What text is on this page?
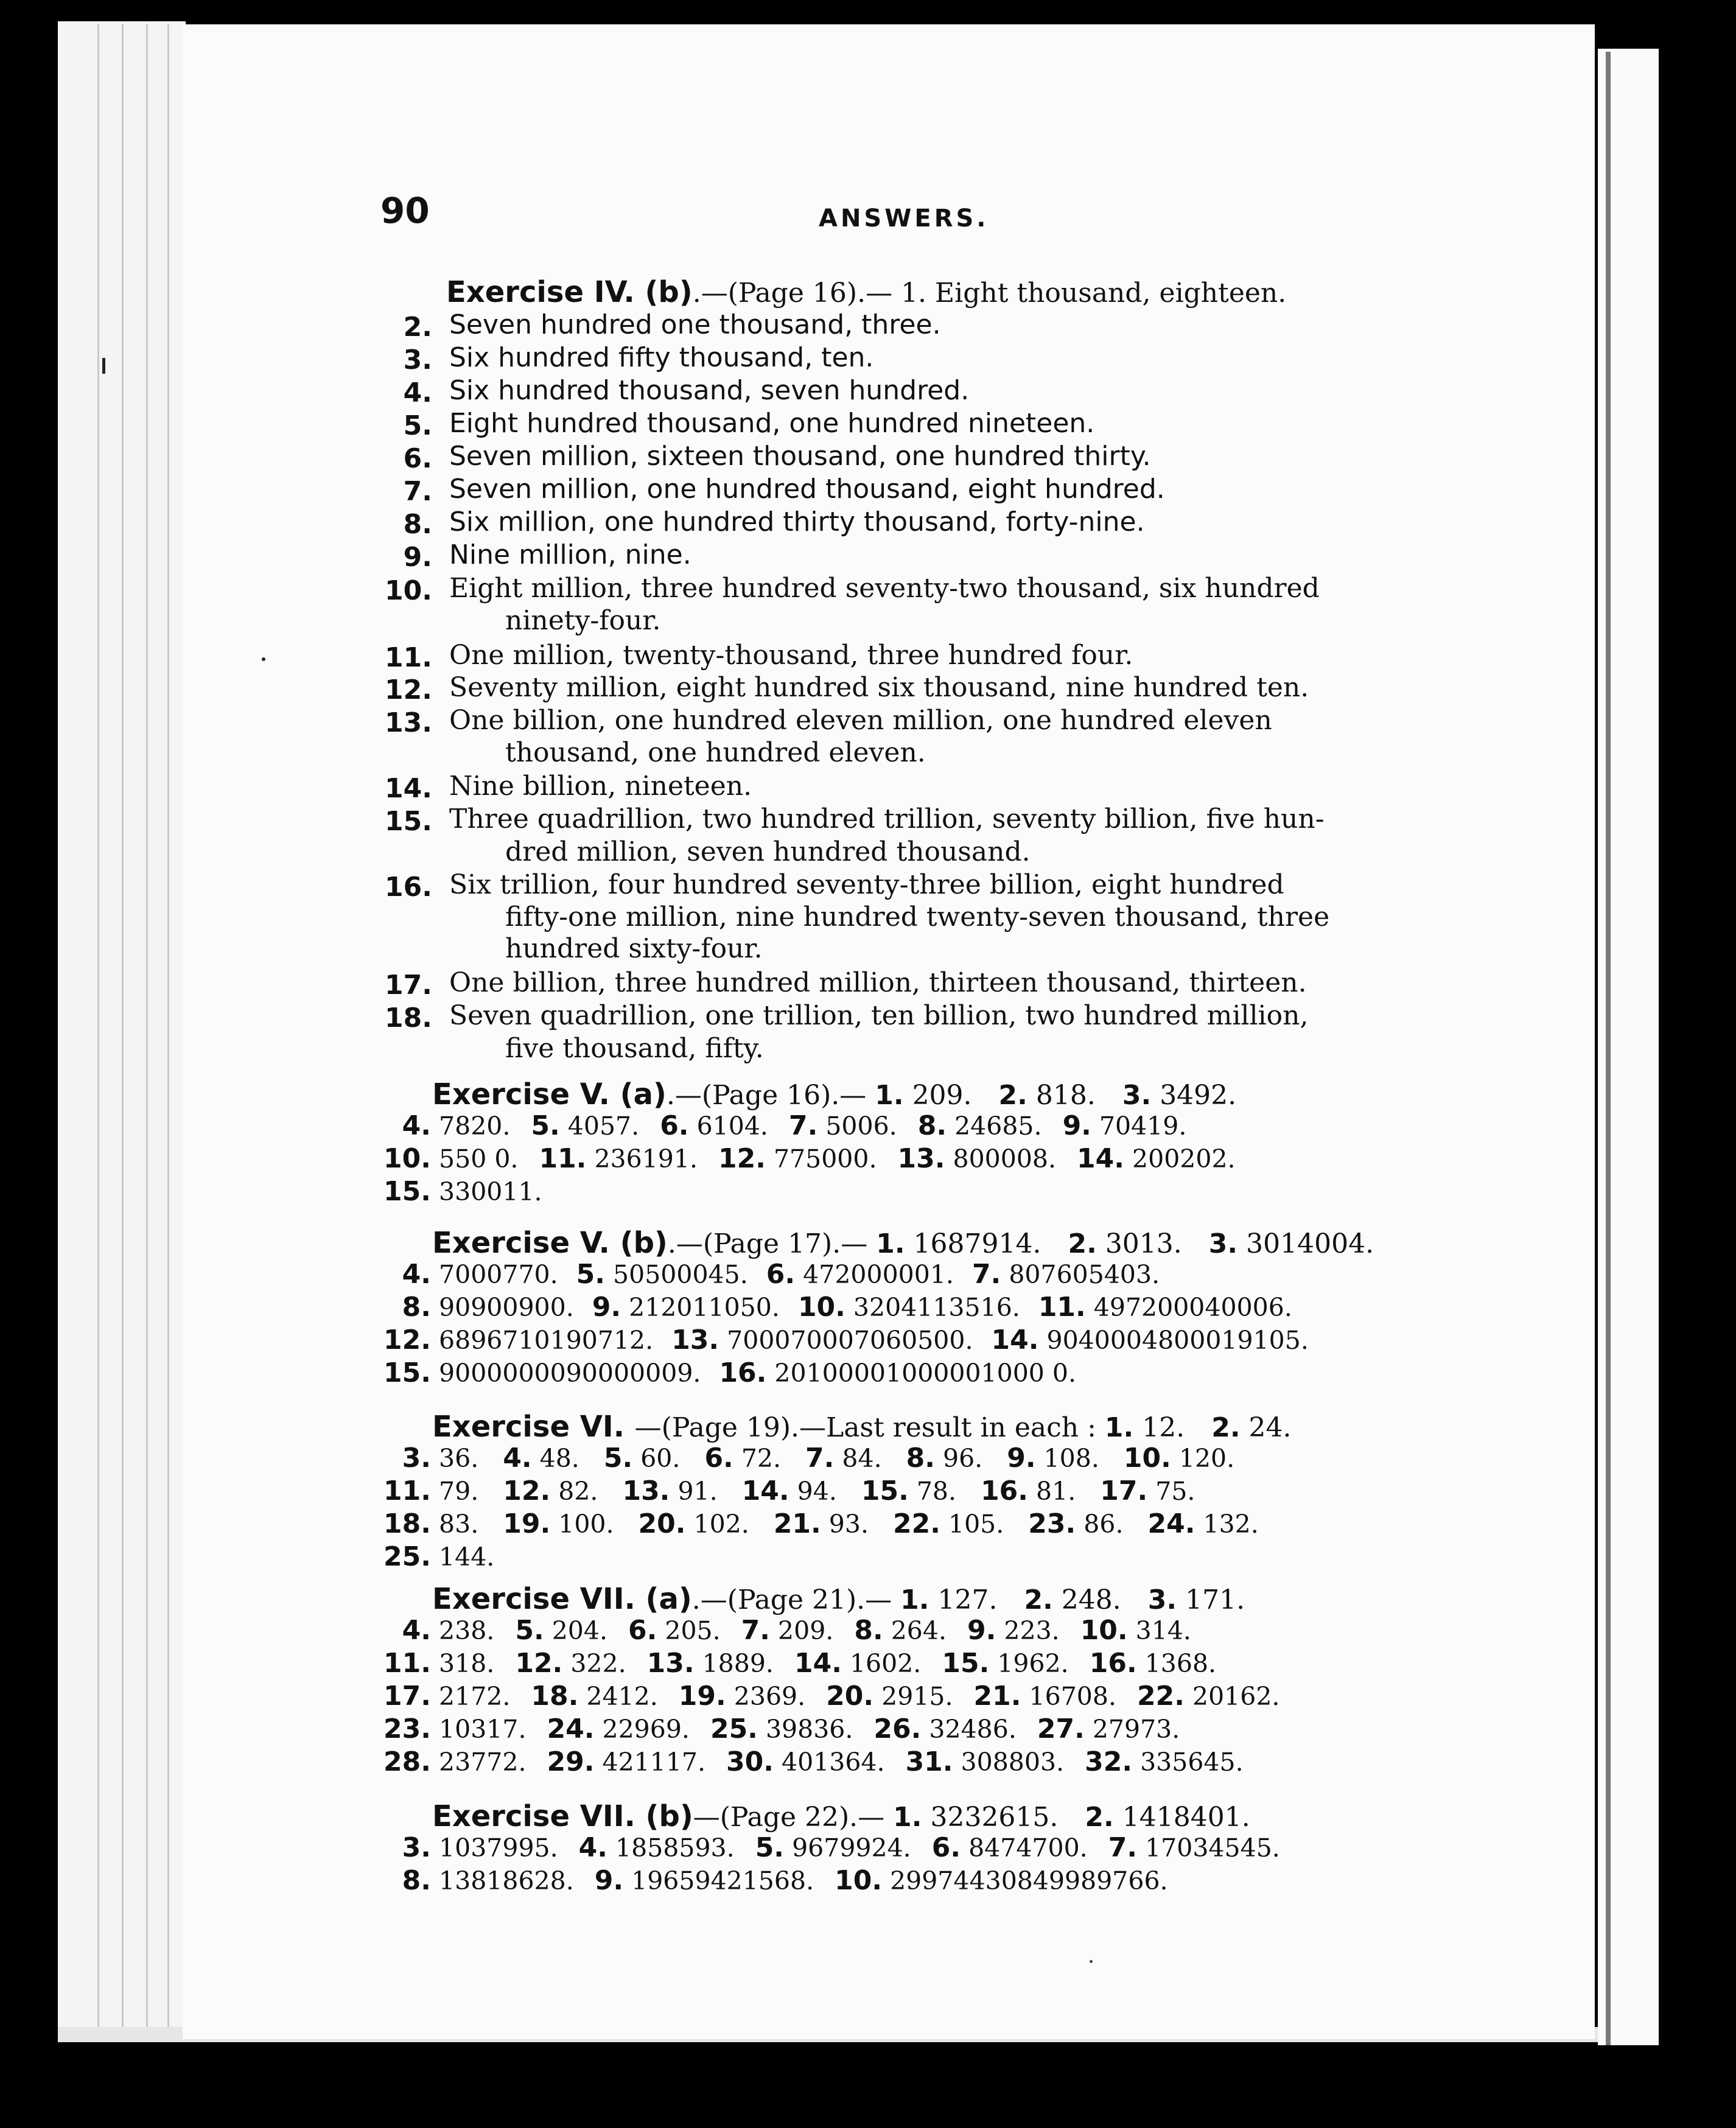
90	ANSWERS.
Exercise IV. (b).—(Page 16).— 1. Eight thousand, eighteen.
2. Seven hundred one thousand, three.
3. Six hundred fifty thousand, ten.
4. Six hundred thousand, seven hundred.
5. Eight hundred thousand, one hundred nineteen.
6. Seven million, sixteen thousand, one hundred thirty.
7. Seven million, one hundred thousand, eight hundred.
8. Six million, one hundred thirty thousand, forty-nine.
9. Nine million, nine.
10. Eight million, three hundred seventy-two thousand, six hundred
ninety-four.
11. One million, twenty-thousand, three hundred four.
12. Seventy million, eight hundred six thousand, nine hundred ten.
13. One billion, one hundred eleven million, one hundred eleven
thousand, one hundred eleven.
14. Nine billion, nineteen.
15. Three quadrillion, two hundred trillion, seventy billion, five hun-
dred million, seven hundred thousand.
16. Six trillion, four hundred seventy-three billion, eight hundred
fifty-one million, nine hundred twenty-seven thousand, three
hundred sixty-four.
17. One billion, three hundred million, thirteen thousand, thirteen.
18. Seven quadrillion, one trillion, ten billion, two hundred million,
five thousand, fifty.
Exercise V. (a).—(Page 16).— 1. 209.  2. 818.  3. 3492.
4. 7820. 5. 4057. 6. 6104. 7. 5006. 8. 24685. 9. 70419.
10. 550 0. 11. 236191. 12. 775000. 13. 800008. 14. 200202.
15. 330011.
Exercise V. (b).—(Page 17).— 1. 1687914.  2. 3013.  3. 3014004.
4. 7000770. 5. 50500045. 6. 472000001. 7. 807605403.
8. 90900900. 9. 212011050. 10. 3204113516. 11. 497200040006.
12. 6896710190712. 13. 700070007060500. 14. 9040004800019105.
15. 9000000090000009. 16. 20100001000001000 0.
Exercise VI. —(Page 19).—Last result in each : 1. 12.  2. 24.
3. 36. 4. 48. 5. 60. 6. 72. 7. 84. 8. 96. 9. 108. 10. 120.
11. 79. 12. 82. 13. 91. 14. 94. 15. 78. 16. 81. 17. 75.
18. 83. 19. 100. 20. 102. 21. 93. 22. 105. 23. 86. 24. 132.
25. 144.
Exercise VII. (a).—(Page 21).— 1. 127.  2. 248.  3. 171.
4. 238. 5. 204. 6. 205. 7. 209. 8. 264. 9. 223. 10. 314.
11. 318. 12. 322. 13. 1889. 14. 1602. 15. 1962. 16. 1368.
17. 2172. 18. 2412. 19. 2369. 20. 2915. 21. 16708. 22. 20162.
23. 10317. 24. 22969. 25. 39836. 26. 32486. 27. 27973.
28. 23772. 29. 421117. 30. 401364. 31. 308803. 32. 335645.
Exercise VII. (b)—(Page 22).— 1. 3232615.  2. 1418401.
3. 1037995. 4. 1858593. 5. 9679924. 6. 8474700. 7. 17034545.
8. 13818628. 9. 19659421568. 10. 29974430849989766.
